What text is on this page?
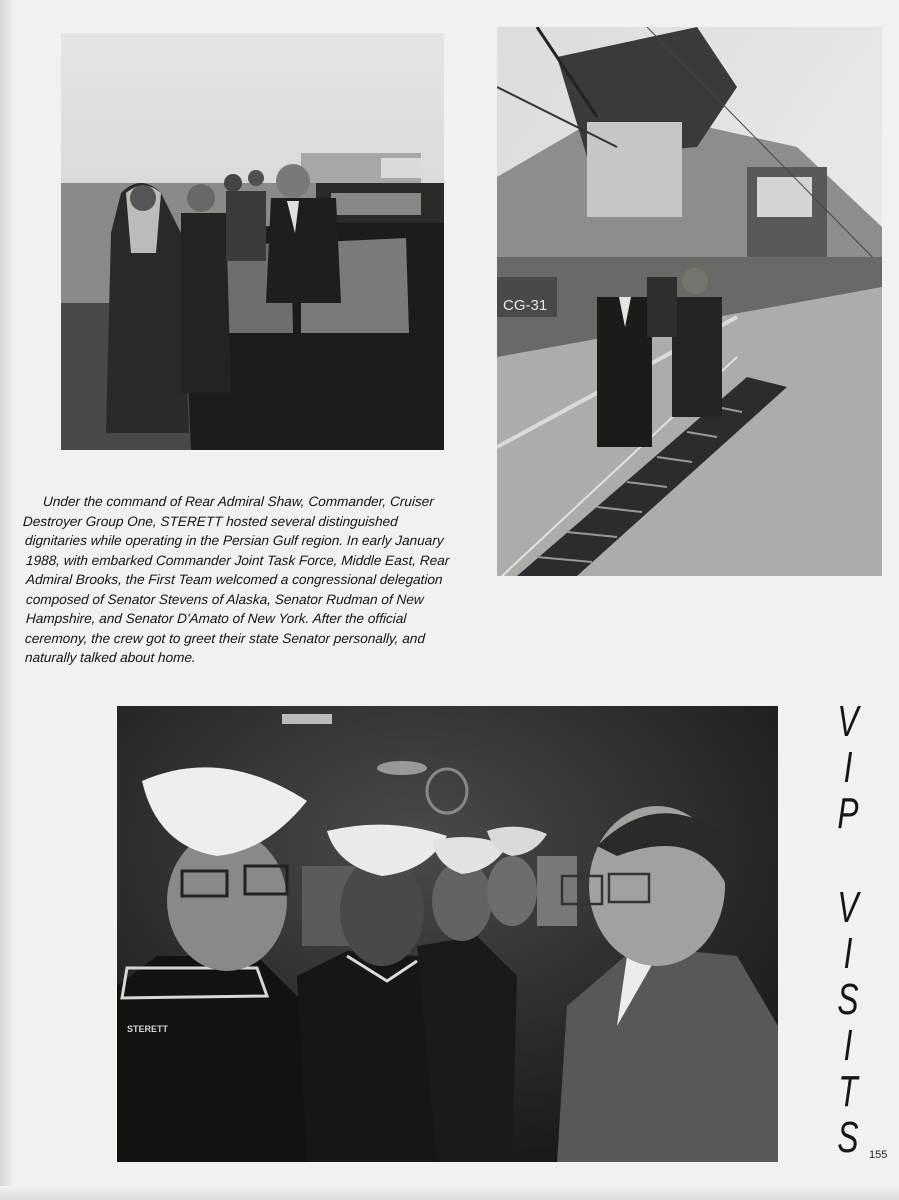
CG-31
Under the command of Rear Admiral Shaw, Commander, Cruiser
Destroyer Group One, STERETT hosted several distinguished
dignitaries while operating in the Persian Gulf region. In early January
1988, with embarked Commander Joint Task Force, Middle East, Rear
Admiral Brooks, the First Team welcomed a congressional delegation
composed of Senator Stevens of Alaska, Senator Rudman of New
Hampshire, and Senator D'Amato of New York. After the official
ceremony, the crew got to greet their state Senator personally, and
naturally talked about home.
STERETT
V
I
P
V
I
S
I
T
S 155
